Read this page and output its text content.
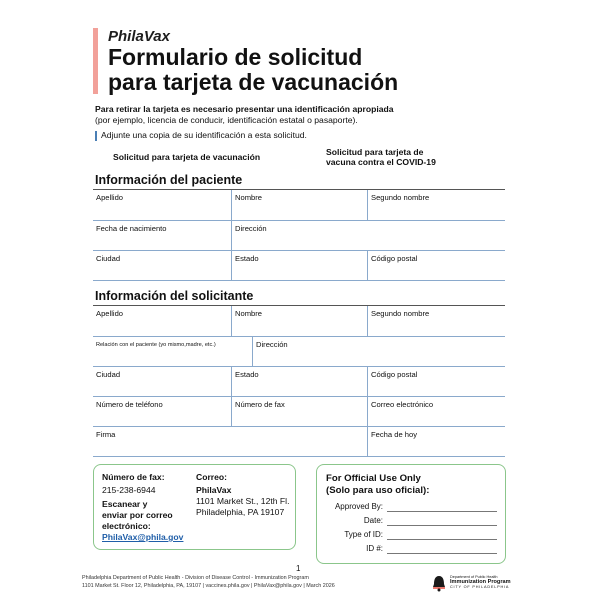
PhilaVax
Formulario de solicitud
para tarjeta de vacunación
Para retirar la tarjeta es necesario presentar una identificación apropiada
(por ejemplo, licencia de conducir, identificación estatal o pasaporte).
Adjunte una copia de su identificación a esta solicitud.
Solicitud para tarjeta de vacunación	Solicitud para tarjeta de
vacuna contra el COVID-19
Información del paciente
Apellido	Nombre	Segundo nombre
Fecha de nacimiento	Dirección
Ciudad	Estado	Código postal
Información del solicitante
Apellido	Nombre	Segundo nombre
Relación con el paciente (yo mismo,madre, etc.)	Dirección
Ciudad	Estado	Código postal
Número de teléfono	Número de fax	Correo electrónico
Firma	Fecha de hoy
Número de fax:
215-238-6944
Escanear y
enviar por correo
electrónico:
PhilaVax@phila.gov
Correo:
PhilaVax
1101 Market St., 12th Fl.
Philadelphia, PA 19107
For Official Use Only
(Solo para uso oficial):
Approved By:
Date:
Type of ID:
ID #:
1
Philadelphia Department of Public Health - Division of Disease Control - Immunization Program
1101 Market St. Floor 12, Philadelphia, PA, 19107 | vaccines.phila.gov | PhilaVax@phila.gov | March 2026
Department of Public Health
Immunization Program
CITY OF PHILADELPHIA
